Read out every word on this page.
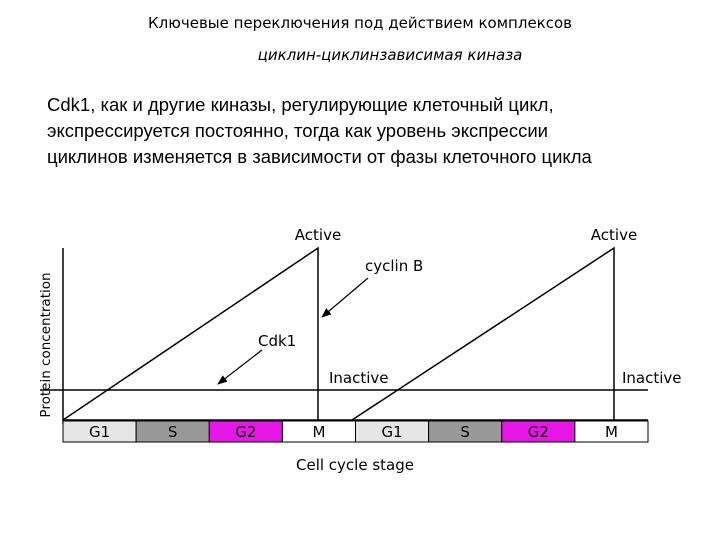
Ключевые переключения под действием комплексов
циклин-циклинзависимая киназа
Cdk1, как и другие киназы, регулирующие клеточный цикл,
экспрессируется постоянно, тогда как уровень экспрессии
циклинов изменяется в зависимости от фазы клеточного цикла
Protein concentration
Active	Active
cyclin B
Cdk1
Inactive	Inactive
Cell cycle stage
G1	S	G2	M	G1	S	G2	M
